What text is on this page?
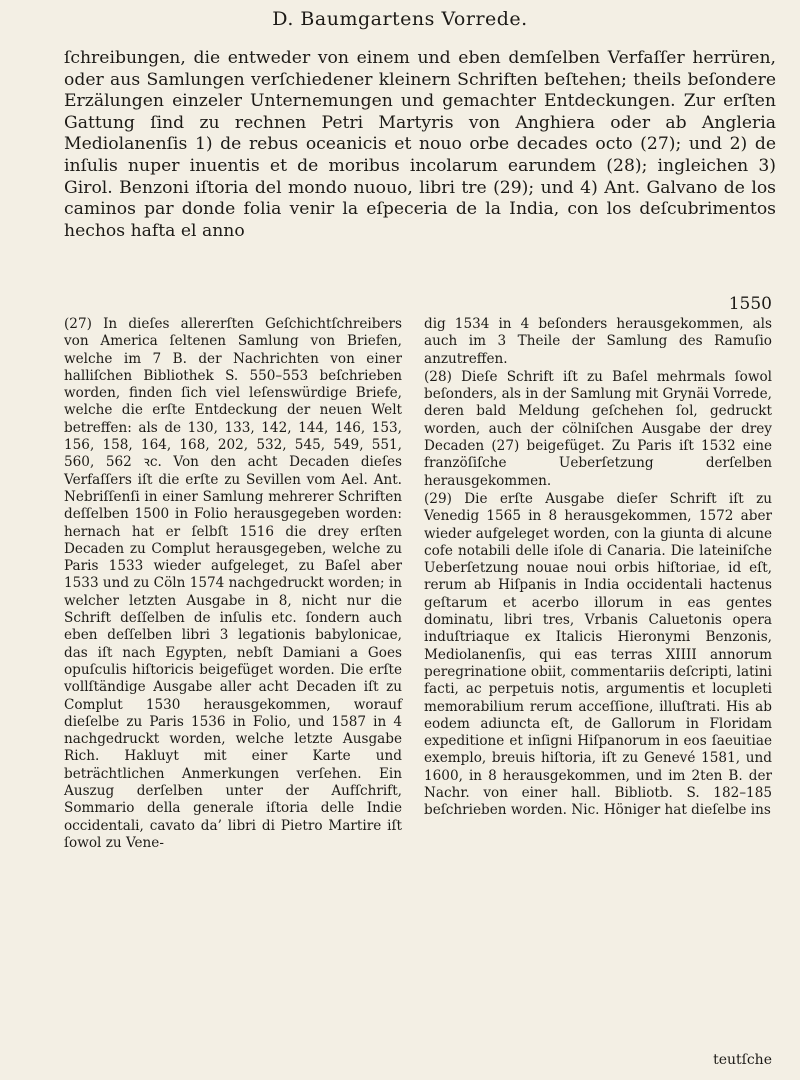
D. Baumgartens Vorrede.

ſchreibungen, die entweder von einem und eben demſelben Verfaſſer herrüren, oder aus Samlungen verſchiedener kleinern Schriften beſtehen; theils beſondere Erzälungen einzeler Unternemungen und gemachter Entdeckungen. Zur erſten Gattung ſind zu rechnen Petri Martyris von Anghiera oder ab Angleria Mediolanenſis 1) de rebus oceanicis et nouo orbe decades octo (27); und 2) de inſulis nuper inuentis et de moribus incolarum earundem (28); ingleichen 3) Girol. Benzoni iſtoria del mondo nuouo, libri tre (29); und 4) Ant. Galvano de los caminos par donde folia venir la eſpeceria de la India, con los deſcubrimentos hechos hafta el anno

1550

(27) In dieſes allererſten Geſchichtſchreibers von America ſeltenen Samlung von Briefen, welche im 7 B. der Nachrichten von einer halliſchen Bibliothek S. 550–553 beſchrieben worden, finden ſich viel leſenswürdige Briefe, welche die erſte Entdeckung der neuen Welt betreffen: als de 130, 133, 142, 144, 146, 153, 156, 158, 164, 168, 202, 532, 545, 549, 551, 560, 562 ꝛc. Von den acht Decaden dieſes Verfaſſers iſt die erſte zu Sevillen vom Ael. Ant. Nebriſſenſi in einer Samlung mehrerer Schriften deſſelben 1500 in Folio herausgegeben worden: hernach hat er ſelbſt 1516 die drey erſten Decaden zu Complut herausgegeben, welche zu Paris 1533 wieder aufgeleget, zu Baſel aber 1533 und zu Cöln 1574 nachgedruckt worden; in welcher letzten Ausgabe in 8, nicht nur die Schrift deſſelben de inſulis etc. ſondern auch eben deſſelben libri 3 legationis babylonicae, das iſt nach Egypten, nebſt Damiani a Goes opuſculis hiſtoricis beigefüget worden. Die erſte vollſtändige Ausgabe aller acht Decaden iſt zu Complut 1530 herausgekommen, worauf dieſelbe zu Paris 1536 in Folio, und 1587 in 4 nachgedruckt worden, welche letzte Ausgabe Rich. Hakluyt mit einer Karte und beträchtlichen Anmerkungen verſehen. Ein Auszug derſelben unter der Aufſchrift, Sommario della generale iſtoria delle Indie occidentali, cavato da’ libri di Pietro Martire iſt ſowol zu Vene-

dig 1534 in 4 beſonders herausgekommen, als auch im 3 Theile der Samlung des Ramuſio anzutreffen.

(28) Dieſe Schrift iſt zu Baſel mehrmals ſowol beſonders, als in der Samlung mit Grynäi Vorrede, deren bald Meldung geſchehen ſol, gedruckt worden, auch der cölniſchen Ausgabe der drey Decaden (27) beigefüget. Zu Paris iſt 1532 eine franzöſiſche Ueberſetzung derſelben herausgekommen.

(29) Die erſte Ausgabe dieſer Schrift iſt zu Venedig 1565 in 8 herausgekommen, 1572 aber wieder aufgeleget worden, con la giunta di alcune cofe notabili delle iſole di Canaria. Die lateiniſche Ueberſetzung nouae noui orbis hiſtoriae, id eſt, rerum ab Hiſpanis in India occidentali hactenus geſtarum et acerbo illorum in eas gentes dominatu, libri tres, Vrbanis Caluetonis opera induſtriaque ex Italicis Hieronymi Benzonis, Mediolanenſis, qui eas terras XIIII annorum peregrinatione obiit, commentariis deſcripti, latini facti, ac perpetuis notis, argumentis et locupleti memorabilium rerum acceſſione, illuſtrati. His ab eodem adiuncta eſt, de Gallorum in Floridam expeditione et inſigni Hiſpanorum in eos ſaeuitiae exemplo, breuis hiſtoria, iſt zu Genevé 1581, und 1600, in 8 herausgekommen, und im 2ten B. der Nachr. von einer hall. Bibliotb. S. 182–185 beſchrieben worden. Nic. Höniger hat dieſelbe ins

teutſche
